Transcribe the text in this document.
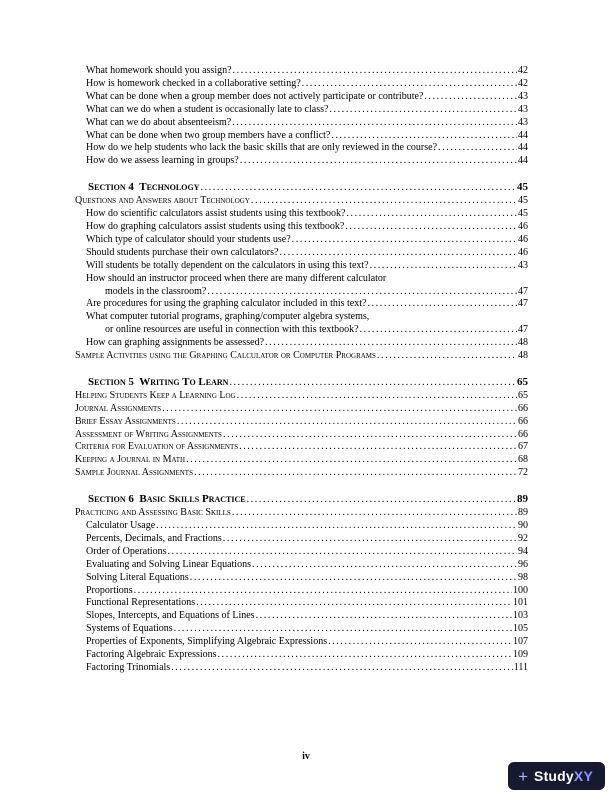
What homework should you assign? .....	42
How is homework checked in a collaborative setting? .....	42
What can be done when a group member does not actively participate or contribute? .....	43
What can we do when a student is occasionally late to class? .....	43
What can we do about absenteeism? .....	43
What can be done when two group members have a conflict? .....	44
How do we help students who lack the basic skills that are only reviewed in the course? .....	44
How do we assess learning in groups? .....	44
Section 4  Technology .....	45
Questions and Answers about Technology .....	45
How do scientific calculators assist students using this textbook? .....	45
How do graphing calculators assist students using this textbook? .....	46
Which type of calculator should your students use? .....	46
Should students purchase their own calculators? .....	46
Will students be totally dependent on the calculators in using this text? .....	43
How should an instructor proceed when there are many different calculator
models in the classroom? .....	47
Are procedures for using the graphing calculator included in this text? .....	47
What computer tutorial programs, graphing/computer algebra systems,
or online resources are useful in connection with this textbook? .....	47
How can graphing assignments be assessed? .....	48
Sample Activities using the Graphing Calculator or Computer Programs .....	48
Section 5  Writing To Learn .....	65
Helping Students Keep a Learning Log .....	65
Journal Assignments .....	66
Brief Essay Assignments .....	66
Assessment of Writing Assignments .....	66
Criteria for Evaluation of Assignments .....	67
Keeping a Journal in Math .....	68
Sample Journal Assignments .....	72
Section 6  Basic Skills Practice .....	89
Practicing and Assessing Basic Skills .....	89
Calculator Usage .....	90
Percents, Decimals, and Fractions .....	92
Order of Operations .....	94
Evaluating and Solving Linear Equations .....	96
Solving Literal Equations .....	98
Proportions .....	100
Functional Representations .....	101
Slopes, Intercepts, and Equations of Lines .....	103
Systems of Equations .....	105
Properties of Exponents, Simplifying Algebraic Expressions .....	107
Factoring Algebraic Expressions .....	109
Factoring Trinomials .....	111
iv
+ StudyXY
